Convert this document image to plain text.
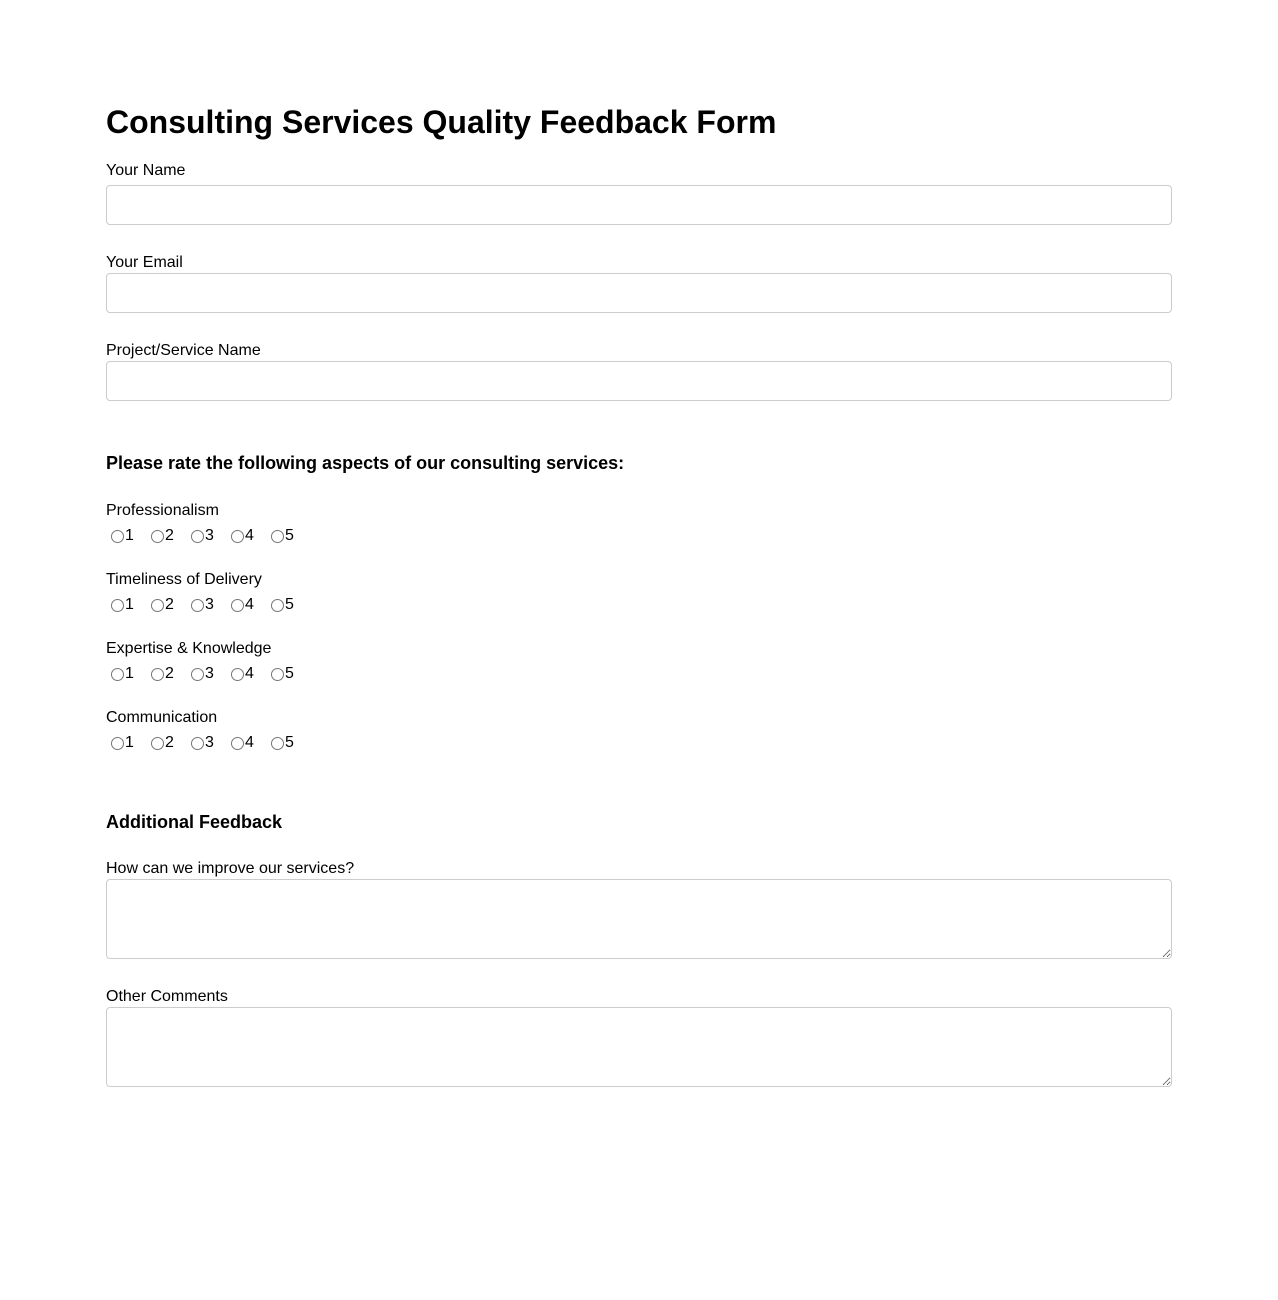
Consulting Services Quality Feedback Form
Your Name
Your Email
Project/Service Name
Please rate the following aspects of our consulting services:
Professionalism
1 2 3 4 5
Timeliness of Delivery
1 2 3 4 5
Expertise & Knowledge
1 2 3 4 5
Communication
1 2 3 4 5
Additional Feedback
How can we improve our services?
Other Comments
